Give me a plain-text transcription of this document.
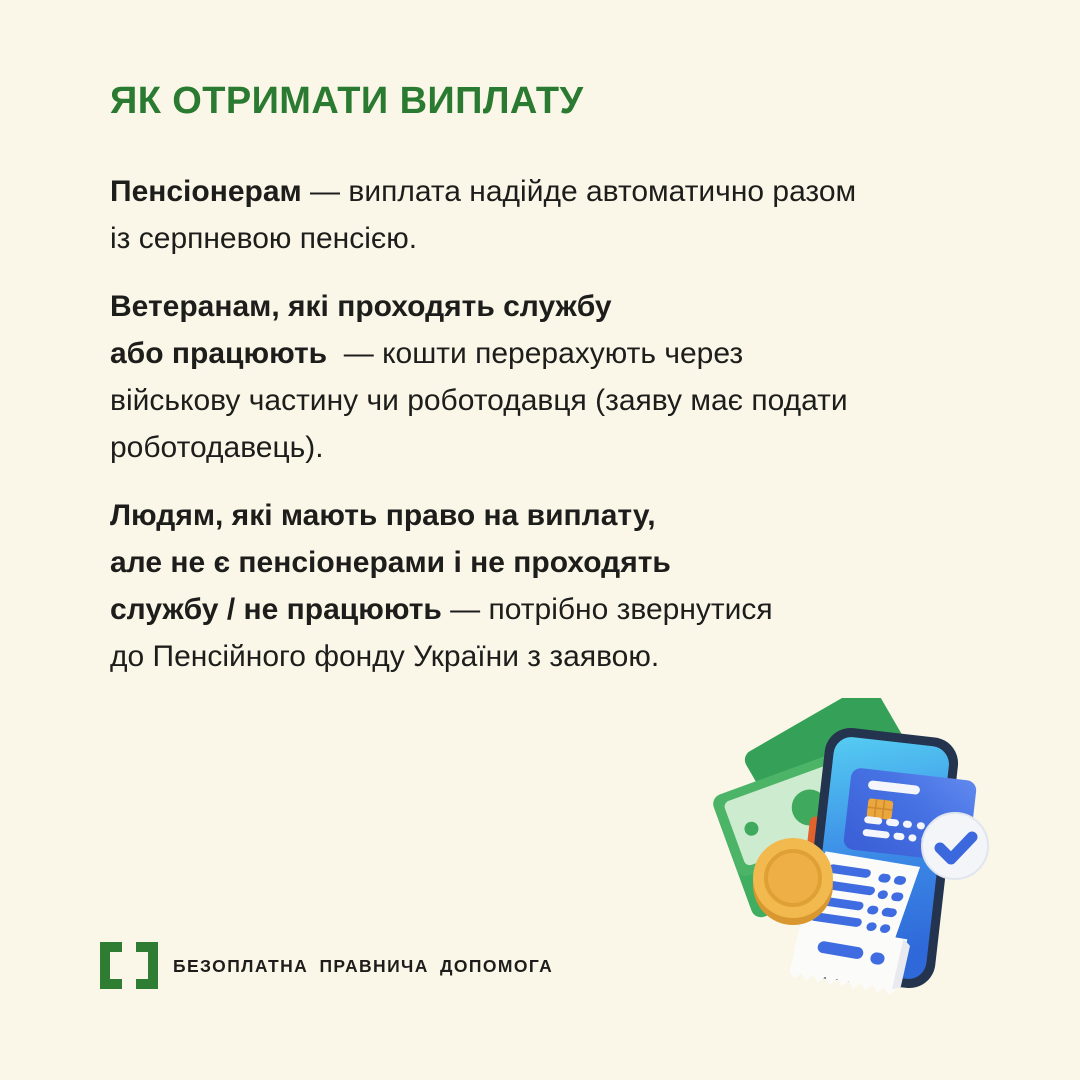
ЯК ОТРИМАТИ ВИПЛАТУ
Пенсіонерам — виплата надійде автоматично разом
із серпневою пенсією.
Ветеранам, які проходять службу
або працюють  — кошти перерахують через
військову частину чи роботодавця (заяву має подати
роботодавець).
Людям, які мають право на виплату,
але не є пенсіонерами і не проходять
службу / не працюють — потрібно звернутися
до Пенсійного фонду України з заявою.
БЕЗОПЛАТНА ПРАВНИЧА ДОПОМОГА
